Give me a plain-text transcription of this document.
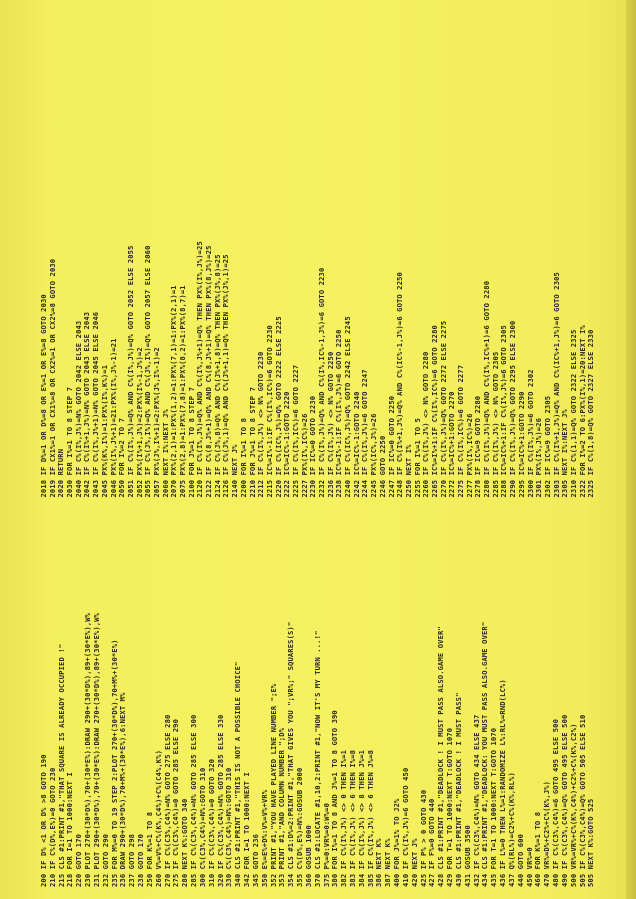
200 IF D% <1 OR D% >8 GOTO 190 210 IF C%(D%,E%)=0 GOTO 230 215 CLS #1:PRINT #1,"THAT SQUARE IS ALREADY OCCUPIED !" 218 FOR I=1 TO 1000:NEXT I 220 GOTO 170 230 PLOT 270+(30*D%),70+(30*E%):DRAW 290+(30*D%),89+(30*E%),W% 231 PLOT 290+(30*D%),70+(30*E%):DRAW 270+(30*D%),89+(30*E%),W% 232 GOTO 290 235 FOR M%=0 TO 19 STEP 2:PLOT 270+(30*D%),70+M%+(30*E%) 236 DRAW 290+(30*D%),70+M%+(30*E%),6:NEXT M% 237 GOTO 298 238 GOTO 170 250 FOR K%=1 TO 8 260 V%=V%+C%(K%,C4%)+C%(C4%,K%) 270 IF C%(C3%,C4%)=N% GOTO 275 ELSE 280 275 IF C%(C3%,C4%)=0 GOTO 285 ELSE 290 280 NEXT K%:GOTO 340 285 IF C%(C3%,C4%)=N% GOTO 285 ELSE 300 300 C%(C3%,C4%)=N%:GOTO 310 310 IF C%(C3%,C4%)=0 GOTO 320 320 IF C%(C3%,C4%)=N% GOTO 285 ELSE 330 330 C%(C3%,C4%)=N%:GOTO 310 340 CLS #1:PRINT #1,"THIS IS NOT A POSSIBLE CHOICE" 342 FOR I=1 TO 1000:NEXT I 345 GOTO 236 350 E%=E%+D%:V%=V%+VR% 352 PRINT #1,"YOU HAVE PLAYED LINE NUMBER ";E% 353 PRINT #1,"AND COLUMN NUMBER ";D% 354 CLS #1:D%=2:PRINT #1,"THAT GIVES YOU ";VR%;" SQUARES(S)" 355 C%(D%,E%)=N%:GOSUB 2000 360 GOSUB 1000 370 CLS #1:LOCATE #1,10,2:PRINT #1,"NOW IT'S MY TURN ...!" 375 P%=0:VR%=0:W%=0 380 FOR I%=1 TO 8 AND J%=1 TO 8 GOTO 390 382 IF C%(I%,J%) <> 0 THEN I%=1 383 IF C%(I%,J%) <> 6 THEN I%=8 384 IF C%(I%,J%) <> 8 THEN J%=1 385 IF C%(I%,J%) <> 6 THEN J%=8 386 NEXT K% 387 NEXT K% 400 FOR J%=1% TO J2% 410 IF C%(I%,J%)=6 GOTO 450 420 NEXT J% 425 IF P% > 0 GOTO 430 427 IF F%=0 GOTO 440 428 CLS #1:PRINT #1,"DEADLOCK ! I MUST PASS ALSO.GAME OVER" 429 FOR T=1 TO 1000:NEXT T:GOTO 1070 430 CLS #1:PRINT #1,"DEADLOCK ! I MUST PASS" 431 GOSUB 3500 432 IF C%(C3%,C4%)=N% GOTO 434 ELSE 437 434 CLS #1:PRINT #1,"DEADLOCK: YOU MUST PASS ALSO.GAME OVER" 435 FOR T=1 TO 1000:NEXT T:GOTO 1070 436 IF L%=0 THEN L%=1:RANDOMIZE L%:RL%=RND(LC%) 437 Q%(RL%)=C2%+C%(K%,RL%) 440 GOTO 600 450 VR%=0 460 FOR K%=1 TO 8 470 VR%=D%+C2%+C%(K%,J%) 480 IF C%(C3%,C4%)=6 GOTO 495 ELSE 500 490 IF C%(C3%,C4%)=Q% GOTO 495 ELSE 500 500 VR%=VR%+C%(K%,C4%)+C2%+C%(K%,C2%) 505 IF C%(C3%,C4%)=Q% GOTO 505 ELSE 510 505 NEXT K%:GOTO 525
2018 IF D%=1 OR D%=8 OR E%=1 OR E%=8 GOTO 2030 2019 IF CX1%=1 OR CX1%=8 OR CX2%=1 OR CX2%=8 GOTO 2030 2020 RETURN 2030 FOR I%=1 TO 8 STEP 7 2040 IF C%(I%,J%)=N% GOTO 2042 ELSE 2043 2042 IF C%(I%+1,J%)=N% GOTO 2043 ELSE 2043 2043 IF C%(I%,J%+1)=N% GOTO 2045 ELSE 2046 2045 PX%(K%,I%)=1:PX%(I%,K%)=1 2046 PX%(I%,J%+1)=21:PX%(I%,J%-1)=21 2050 FOR I%=2 TO 7 2051 IF C%(I%,J%)=Q% AND C%(I%,J%)=Q% GOTO 2052 ELSE 2055 2052 PX%(I%+1,J%)=2:PX%(I%-1,J%)=2 2055 IF C%(J%,I%)=Q% AND C%(J%,I%)=Q% GOTO 2057 ELSE 2060 2057 PX%(J%,I%+1)=2:PX%(J%,I%-1)=2 2060 NEXT I%:NEXT J% 2070 PX%(2,1)=1:PX%(1,2)=1:PX%(7,1)=1:PX%(2,1)=1 2075 PX%(2,8)=1:PX%(7,8)=1:PX%(8,2)=1:PX%(8,7)=1 2100 FOR J%=1 TO 8 STEP 7 2120 IF C%(I%,J%)=Q% AND C%(I%,J%+1)=Q% THEN PX%(I%,J%)=25 2122 IF C%(8,J%+1)=Q% AND C%(8,J%+1)=Q% THEN PX%(8,J%)=25 2124 IF C%(J%,8)=Q% AND C%(J%+1,8)=Q% THEN PX%(J%,8)=25 2126 IF C%(J%,1)=Q% AND C%(J%+1,1)=Q% THEN PX%(J%,1)=25 2140 NEXT J% 2200 FOR I%=1 TO 8 2210 FOR J%=1 TO 8 STEP 7 2212 IF C%(I%,J%) <> N% GOTO 2230 2215 IC%=I%-1:IF C%(I%,IC%)=6 GOTO 2230 2220 IF C%(IC%,J%)=Q% GOTO 2222 ELSE 2225 2222 IC%=IC%-1:GOTO 2220 2225 IF C%(I%,IC%)=6 GOTO 2227 2227 PX%(I%,IC%)=26 2230 IF IC%=0 GOTO 2230 2232 IF C%(I%,J%)=Q% AND C%(I%,IC%-1,J%)=6 GOTO 2230 2236 IF C%(I%,J%) <> N% GOTO 2250 2238 IC%=I%-1:IF C%(I%,J%)=6 GOTO 2250 2240 IF C%(IC%,J%)=Q% GOTO 2242 ELSE 2245 2242 IC%=IC%-1:GOTO 2240 2244 IF C%(I%,J%)=6 GOTO 2247 2245 PX%(IC%,J%)=26 2246 GOTO 2250 2247 IF IC%=0 GOTO 2250 2248 IF C%(I%+1,J%)=Q% AND C%(IC%-1,J%)=6 GOTO 2250 2250 NEXT I% 2255 FOR I%=1 TO 5 2260 IF C%(I%,J%) <> N% GOTO 2280 2265 IC%=I%+1:IF C%(I%,IC%)=6 GOTO 2280 2270 IF C%(I%,J%)=Q% GOTO 2272 ELSE 2275 2272 IC%=IC%+1:GOTO 2270 2275 IF C%(I%,IC%)=6 GOTO 2277 2277 PX%(I%,IC%)=26 2278 IF IC%=9 GOTO 2280 2280 IF C%(I%,J%)=Q% AND C%(I%,IC%+1)=6 GOTO 2280 2285 IF C%(I%,J%) <> N% GOTO 2305 2288 IC%=IC%+1:IF C%(I%,J%)=6 GOTO 2305 2290 IF C%(I%,J%)=Q% GOTO 2295 ELSE 2300 2295 IC%=IC%+1:GOTO 2290 2300 IF C%(I%,J%)=6 GOTO 2302 2301 PX%(I%,J%)=26 2302 IF IC%=9 GOTO 2305 2303 IF C%(I%+1,J%)=Q% AND C%(IC%+1,J%)=6 GOTO 2305 2305 NEXT I%:NEXT J% 2310 IF C%(1,1)=Q% GOTO 2322 ELSE 2325 2322 FOR I%=2 TO 6:PX%(I%,1)=20:NEXT I% 2325 IF C%(1,8)=Q% GOTO 2327 ELSE 2330
